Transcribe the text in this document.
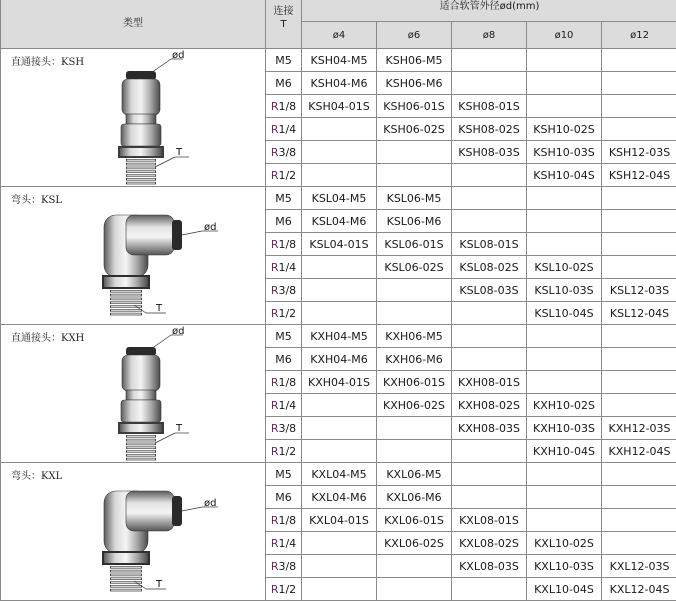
类型	连接
T	适合软管外径ød(mm)				
		ø4	ø6	ø8	ø10	ø12

ød
T
直通接头：KSH	M5	KSH04-M5	KSH06-M5			
	M6	KSH04-M6	KSH06-M6			
	R1/8	KSH04-01S	KSH06-01S	KSH08-01S		
	R1/4		KSH06-02S	KSH08-02S	KSH10-02S	
	R3/8			KSH08-03S	KSH10-03S	KSH12-03S
	R1/2				KSH10-04S	KSH12-04S

ød
T
弯头：KSL	M5	KSL04-M5	KSL06-M5			
	M6	KSL04-M6	KSL06-M6			
	R1/8	KSL04-01S	KSL06-01S	KSL08-01S		
	R1/4		KSL06-02S	KSL08-02S	KSL10-02S	
	R3/8			KSL08-03S	KSL10-03S	KSL12-03S
	R1/2				KSL10-04S	KSL12-04S

ød
T
直通接头：KXH	M5	KXH04-M5	KXH06-M5			
	M6	KXH04-M6	KXH06-M6			
	R1/8	KXH04-01S	KXH06-01S	KXH08-01S		
	R1/4		KXH06-02S	KXH08-02S	KXH10-02S	
	R3/8			KXH08-03S	KXH10-03S	KXH12-03S
	R1/2				KXH10-04S	KXH12-04S

ød
T
弯头：KXL	M5	KXL04-M5	KXL06-M5			
	M6	KXL04-M6	KXL06-M6			
	R1/8	KXL04-01S	KXL06-01S	KXL08-01S		
	R1/4		KXL06-02S	KXL08-02S	KXL10-02S	
	R3/8			KXL08-03S	KXL10-03S	KXL12-03S
	R1/2				KXL10-04S	KXL12-04S
